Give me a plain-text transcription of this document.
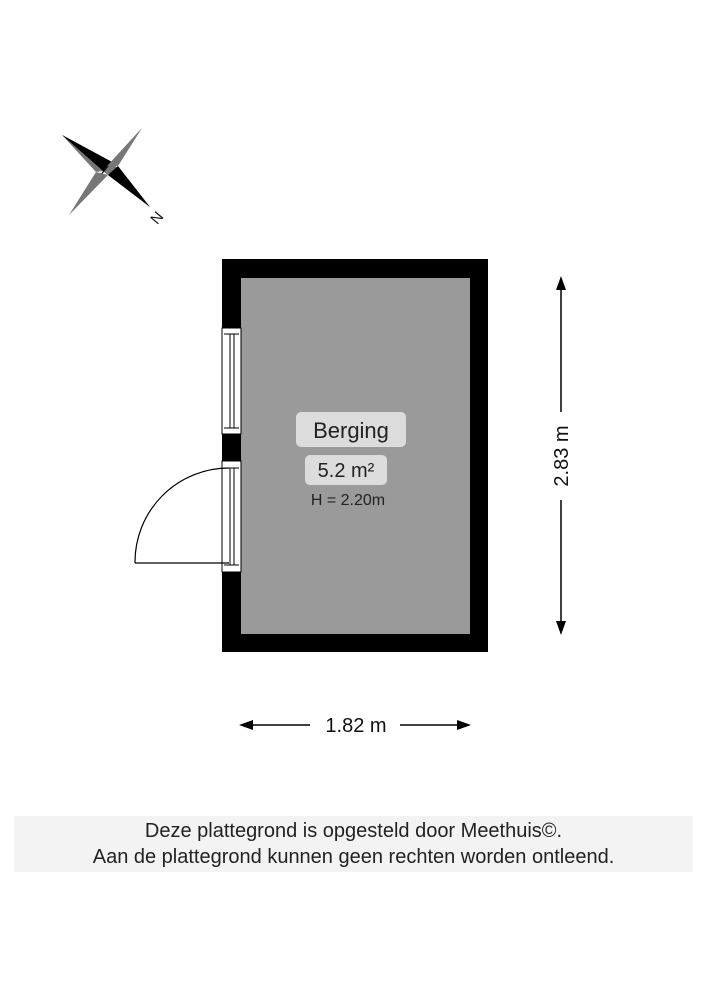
N
Berging
5.2 m²
H = 2.20m
2.83 m
1.82 m
Deze plattegrond is opgesteld door Meethuis©.
Aan de plattegrond kunnen geen rechten worden ontleend.
